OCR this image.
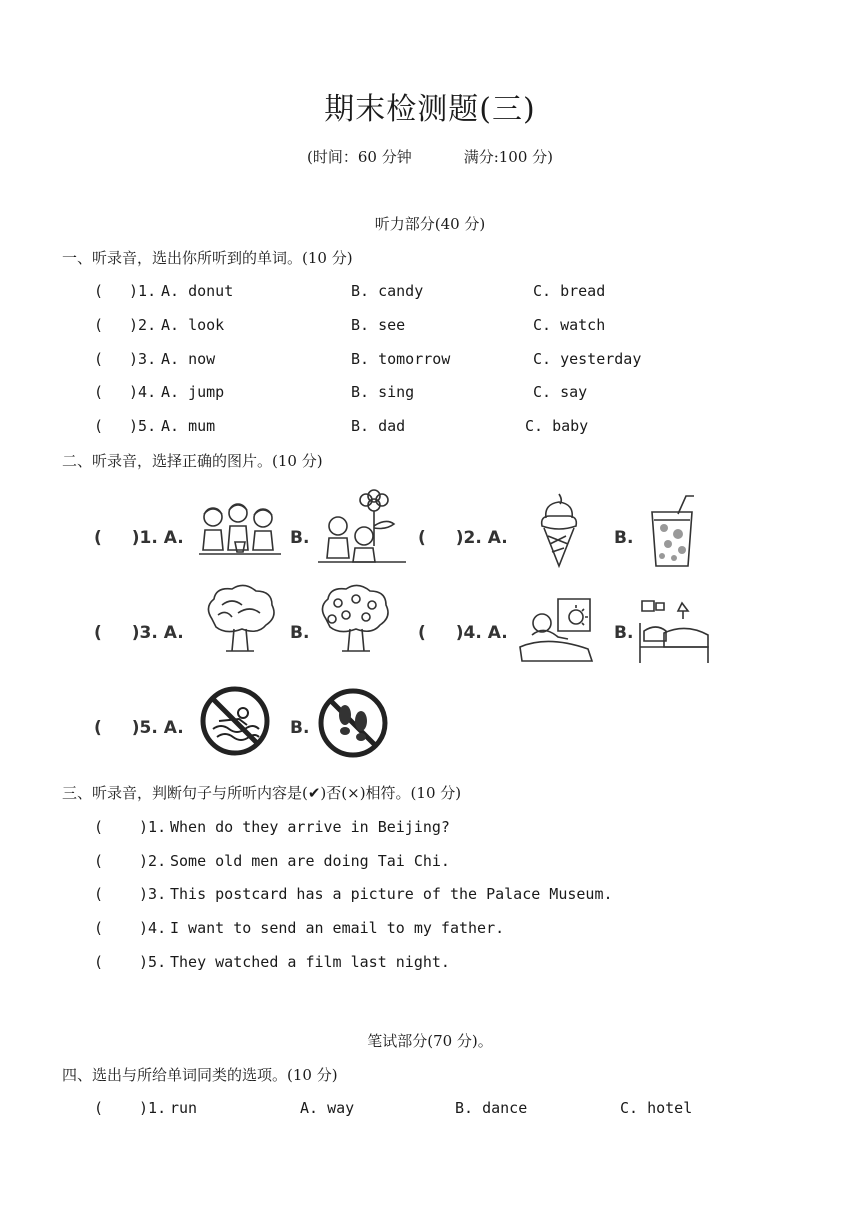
期末检测题(三)
(时间：60 分钟	满分:100 分)
听力部分(40 分)
一、听录音，选出你所听到的单词。(10 分)
( )1. A. donut	B. candy	C. bread
( )2. A. look	B. see	C. watch
( )3. A. now	B. tomorrow	C. yesterday
( )4. A. jump	B. sing	C. say
( )5. A. mum	B. dad	C. baby
二、听录音，选择正确的图片。(10 分)
( )1. A.	B.	( )2. A.	B.
( )3. A.	B.	( )4. A.	B.
( )5. A.	B.
三、听录音，判断句子与所听内容是(✔)否(×)相符。(10 分)
( )1. When do they arrive in Beijing?
( )2. Some old men are doing Tai Chi.
( )3. This postcard has a picture of the Palace Museum.
( )4. I want to send an email to my father.
( )5. They watched a film last night.
笔试部分(70 分)。
四、选出与所给单词同类的选项。(10 分)
( )1. run	A. way	B. dance	C. hotel
